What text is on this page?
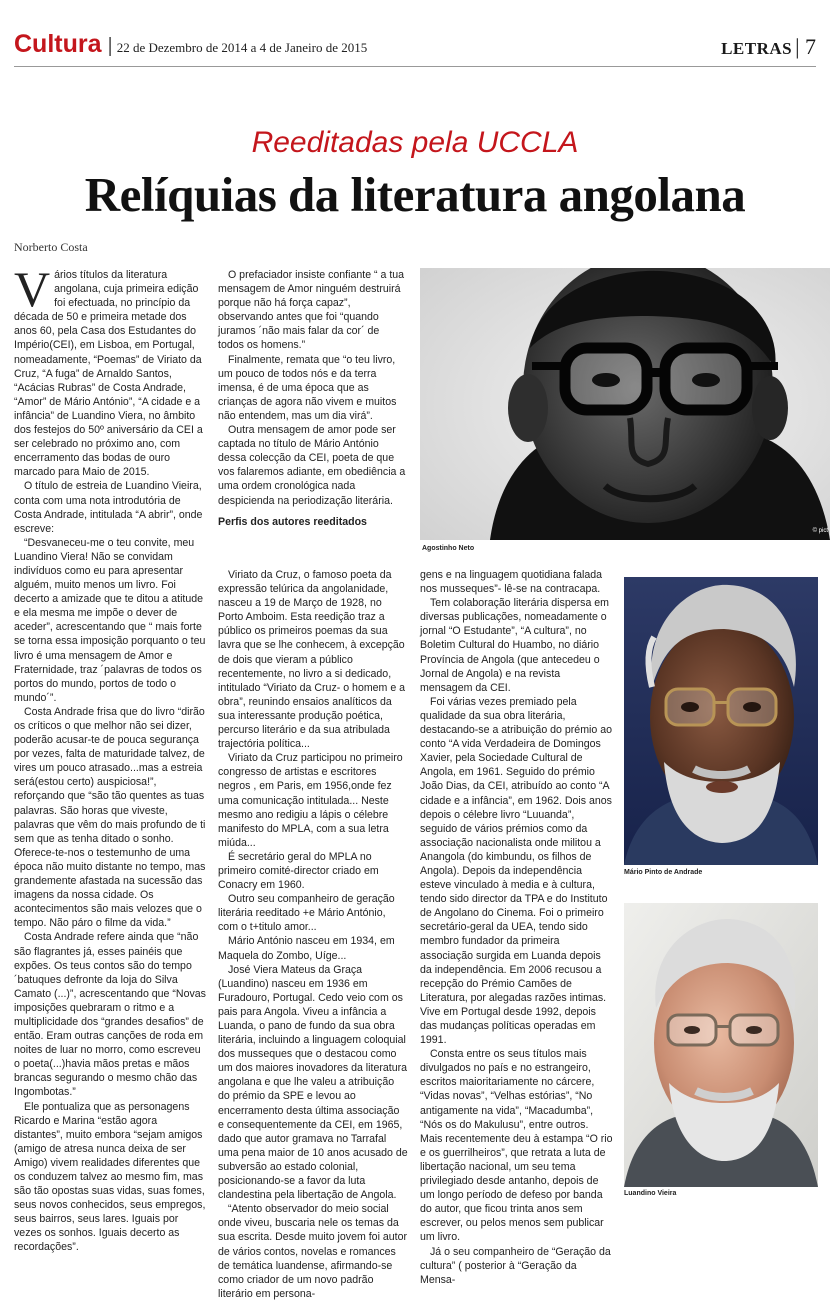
Cultura | 22 de Dezembro de 2014 a 4 de Janeiro de 2015	LETRAS | 7
Reeditadas pela UCCLA
Relíquias da literatura angolana
Norberto Costa

Vários títulos da literatura angolana, cuja primeira edição foi efectuada, no princípio da década de 50 e primeira metade dos anos 60, pela Casa dos Estudantes do Império(CEI), em Lisboa, em Portugal, nomeadamente, “Poemas” de Viriato da Cruz, “A fuga” de Arnaldo Santos, “Acácias Rubras” de Costa Andrade, “Amor” de Mário António”, “A cidade e a infância” de Luandino Viera, no âmbito dos festejos do 50º aniversário da CEI a ser celebrado no próximo ano, com encerramento das bodas de ouro marcado para Maio de 2015.

O título de estreia de Luandino Vieira, conta com uma nota introdutória de Costa Andrade, intitulada “A abrir”, onde escreve:

“Desvaneceu-me o teu convite, meu Luandino Viera! Não se convidam indivíduos como eu para apresentar alguém, muito menos um livro. Foi decerto a amizade que te ditou a atitude e ela mesma me impõe o dever de aceder”, acrescentando que “ mais forte se torna essa imposição porquanto o teu livro é uma mensagem de Amor e Fraternidade, traz ´palavras de todos os portos do mundo, portos de todo o mundo´”.

Costa Andrade frisa que do livro “dirão os críticos o que melhor não sei dizer, poderão acusar-te de pouca segurança por vezes, falta de maturidade talvez, de vires um pouco atrasado...mas a estreia será(estou certo) auspiciosa!”, reforçando que “são tão quentes as tuas palavras. São horas que viveste, palavras que vêm do mais profundo de ti sem que as tenha ditado o sonho. Oferece-te-nos o testemunho de uma época não muito distante no tempo, mas grandemente afastada na sucessão das imagens da nossa cidade. Os acontecimentos são mais velozes que o tempo. Não páro o filme da vida.”

Costa Andrade refere ainda que “não são flagrantes já, esses painéis que expões. Os teus contos são do tempo ´batuques defronte da loja do Silva Camato (...)”, acrescentando que “Novas imposições quebraram o ritmo e a multiplicidade dos “grandes desafios” de então. Eram outras canções de roda em noites de luar no morro, como escreveu o poeta(...)havia mãos pretas e mãos brancas segurando o mesmo chão das Ingombotas.”

Ele pontualiza que as personagens Ricardo e Marina “estão agora distantes”, muito embora “sejam amigos (amigo de atresa nunca deixa de ser Amigo) vivem realidades diferentes que os conduzem talvez ao mesmo fim, mas são tão opostas suas vidas, suas fomes, seus novos conhecidos, seus empregos, seus bairros, seus lares. Iguais por vezes os sonhos. Iguais decerto as recordações”.

O prefaciador insiste confiante “ a tua mensagem de Amor ninguém destruirá porque não há força capaz”, observando antes que foi “quando juramos ´não mais falar da cor´ de todos os homens.”

Finalmente, remata que “o teu livro, um pouco de todos nós e da terra imensa, é de uma época que as crianças de agora não vivem e muitos não entendem, mas um dia virá”.

Outra mensagem de amor pode ser captada no título de Mário António dessa colecção da CEI, poeta de que vos falaremos adiante, em obediência a uma ordem cronológica nada despicienda na periodização literária.

Perfis dos autores reeditados

Viriato da Cruz, o famoso poeta da expressão telúrica da angolanidade, nasceu a 19 de Março de 1928, no Porto Amboim. Esta reedição traz a público os primeiros poemas da sua lavra que se lhe conhecem, à excepção de dois que vieram a público recentemente, no livro a si dedicado, intitulado “Viriato da Cruz- o homem e a obra”, reunindo ensaios analíticos da sua interessante produção poética, percurso literário e da sua atribulada trajectória política...

Viriato da Cruz participou no primeiro congresso de artistas e escritores negros , em Paris, em 1956,onde fez uma comunicação intitulada... Neste mesmo ano redigiu a lápis o célebre manifesto do MPLA, com a sua letra miúda...

É secretário geral do MPLA no primeiro comité-director criado em Conacry em 1960.

Outro seu companheiro de geração literária reeditado +e Mário António, com o t+titulo amor...

Mário António nasceu em 1934, em Maquela do Zombo, Uíge...

José Viera Mateus da Graça (Luandino) nasceu em 1936 em Furadouro, Portugal. Cedo veio com os pais para Angola. Viveu a infância a Luanda, o pano de fundo da sua obra literária, incluindo a linguagem coloquial dos musseques que o destacou como um dos maiores inovadores da literatura angolana e que lhe valeu a atribuição do prémio da SPE e levou ao encerramento desta última associação e consequentemente da CEI, em 1965, dado que autor gramava no Tarrafal uma pena maior de 10 anos acusado de subversão ao estado colonial, posicionando-se a favor da luta clandestina pela libertação de Angola.

“Atento observador do meio social onde viveu, buscaria nele os temas da sua escrita. Desde muito jovem foi autor de vários contos, novelas e romances de temática luandense, afirmando-se como criador de um novo padrão literário em persona-

gens e na linguagem quotidiana falada nos musseques”- lê-se na contracapa.

Tem colaboração literária dispersa em diversas publicações, nomeadamente o jornal “O Estudante”, “A cultura”, no Boletim Cultural do Huambo, no diário Província de Angola (que antecedeu o Jornal de Angola) e na revista mensagem da CEI.

Foi várias vezes premiado pela qualidade da sua obra literária, destacando-se a atribuição do prémio ao conto “A vida Verdadeira de Domingos Xavier, pela Sociedade Cultural de Angola, em 1961. Seguido do prémio João Dias, da CEI, atribuído ao conto “A cidade e a infância”, em 1962. Dois anos depois o célebre livro “Luuanda”, seguido de vários prémios como da associação nacionalista onde militou a Anangola (do kimbundu, os filhos de Angola). Depois da independência esteve vinculado à media e à cultura, tendo sido director da TPA e do Instituto de Angolano do Cinema. Foi o primeiro secretário-geral da UEA, tendo sido membro fundador da primeira associação surgida em Luanda depois da independência. Em 2006 recusou a recepção do Prémio Camões de Literatura, por alegadas razões intimas. Vive em Portugal desde 1992, depois das mudanças políticas operadas em 1991.

Consta entre os seus títulos mais divulgados no país e no estrangeiro, escritos maioritariamente no cárcere, “Vidas novas”, “Velhas estórias”, “No antigamente na vida”, “Macadumba”, “Nós os do Makulusu”, entre outros. Mais recentemente deu à estampa “O rio e os guerrilheiros”, que retrata a luta de libertação nacional, um seu tema privilegiado desde antanho, depois de um longo período de defeso por banda do autor, que ficou trinta anos sem escrever, ou pelos menos sem publicar um livro.

Já o seu companheiro de “Geração da cultura” ( posterior à “Geração da Mensa-

© pict
Agostinho Neto
Mário Pinto de Andrade
Luandino Vieira
